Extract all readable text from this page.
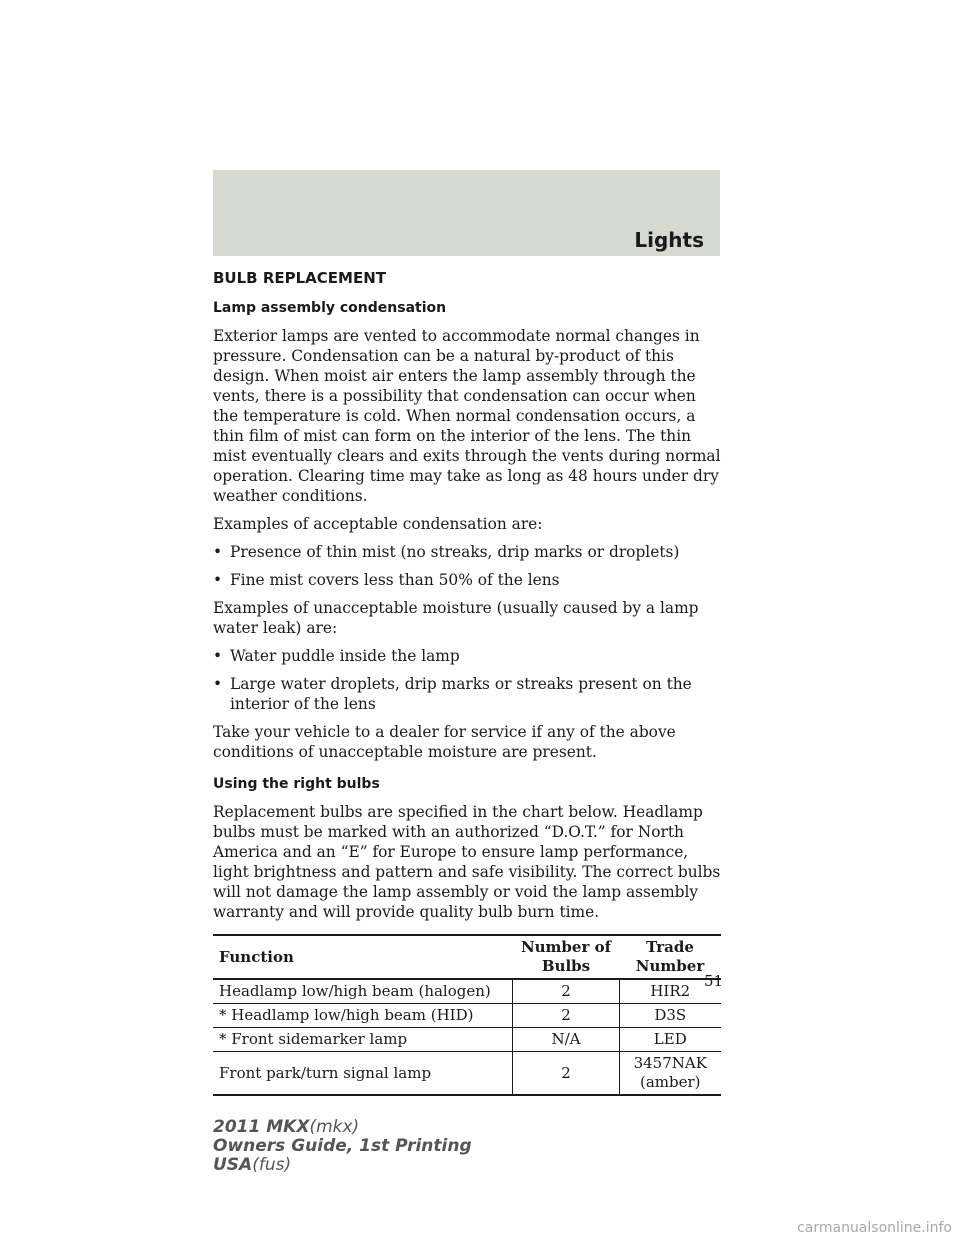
Lights
BULB REPLACEMENT
Lamp assembly condensation

Exterior lamps are vented to accommodate normal changes in pressure. Condensation can be a natural by-product of this design. When moist air enters the lamp assembly through the vents, there is a possibility that condensation can occur when the temperature is cold. When normal condensation occurs, a thin film of mist can form on the interior of the lens. The thin mist eventually clears and exits through the vents during normal operation. Clearing time may take as long as 48 hours under dry weather conditions.

Examples of acceptable condensation are:

• Presence of thin mist (no streaks, drip marks or droplets)
• Fine mist covers less than 50% of the lens

Examples of unacceptable moisture (usually caused by a lamp water leak) are:

• Water puddle inside the lamp
• Large water droplets, drip marks or streaks present on the interior of the lens

Take your vehicle to a dealer for service if any of the above conditions of unacceptable moisture are present.

Using the right bulbs

Replacement bulbs are specified in the chart below. Headlamp bulbs must be marked with an authorized “D.O.T.” for North America and an “E” for Europe to ensure lamp performance, light brightness and pattern and safe visibility. The correct bulbs will not damage the lamp assembly or void the lamp assembly warranty and will provide quality bulb burn time.

Function	Number of Bulbs	Trade Number
Headlamp low/high beam (halogen)	2	HIR2
* Headlamp low/high beam (HID)	2	D3S
* Front sidemarker lamp	N/A	LED
Front park/turn signal lamp	2	3457NAK (amber)
51
2011 MKX(mkx)
Owners Guide, 1st Printing
USA(fus)
carmanualsonline.info
